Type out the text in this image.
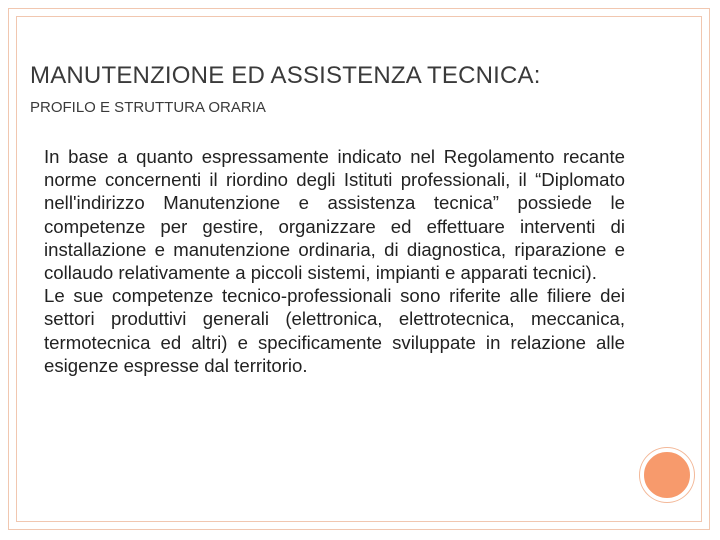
MANUTENZIONE ED ASSISTENZA TECNICA:
PROFILO E STRUTTURA ORARIA

In base a quanto espressamente indicato nel Regolamento recante norme concernenti il riordino degli Istituti professionali, il “Diplomato nell'indirizzo Manutenzione e assistenza tecnica” possiede le competenze per gestire, organizzare ed effettuare interventi di installazione e manutenzione ordinaria, di diagnostica, riparazione e collaudo relativamente a piccoli sistemi, impianti e apparati tecnici).

Le sue competenze tecnico-professionali sono riferite alle filiere dei settori produttivi generali (elettronica, elettrotecnica, meccanica, termotecnica ed altri) e specificamente sviluppate in relazione alle esigenze espresse dal territorio.
